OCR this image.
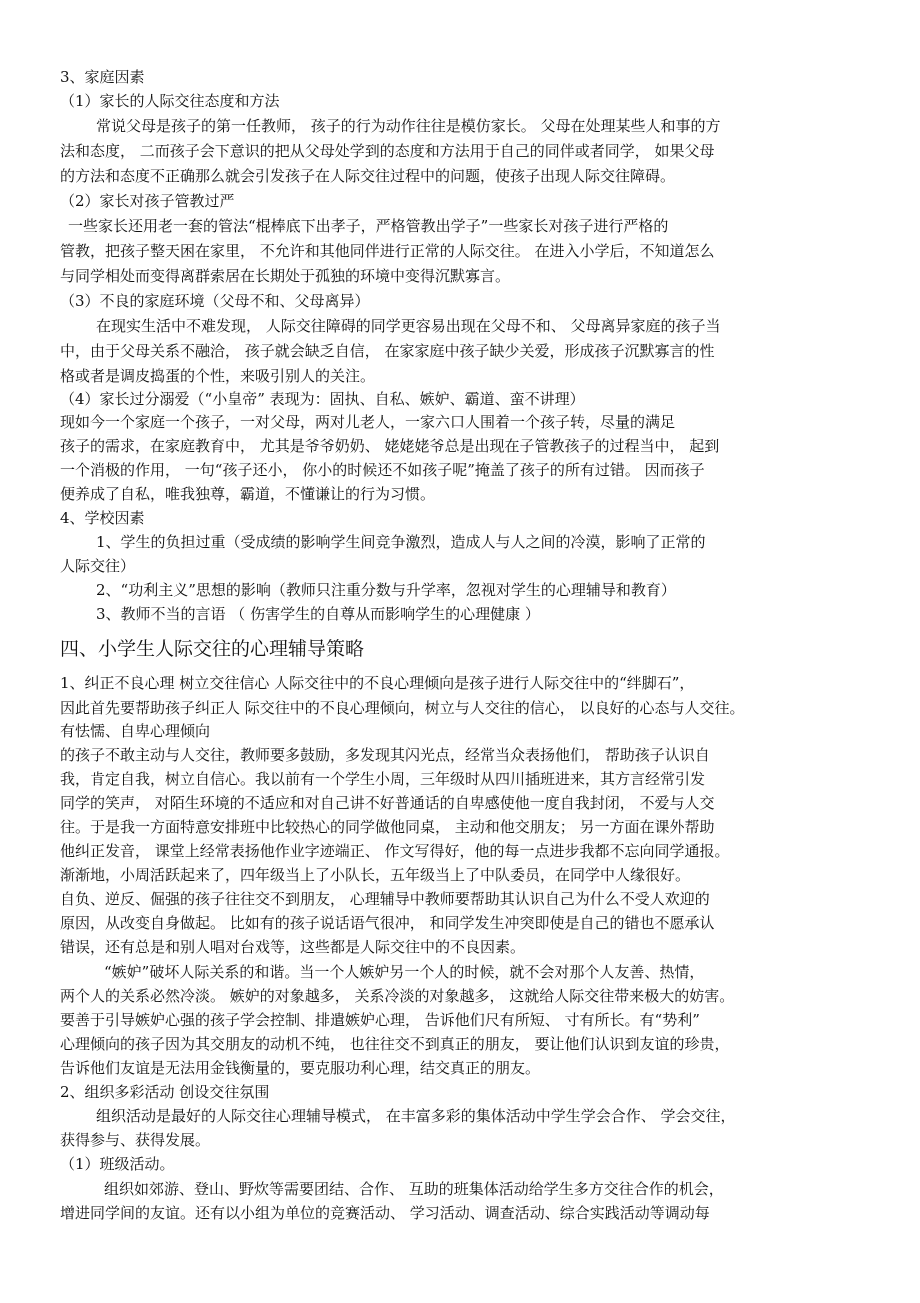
3、家庭因素
（1）家长的人际交往态度和方法
常说父母是孩子的第一任教师， 孩子的行为动作往往是模仿家长。 父母在处理某些人和事的方
法和态度， 二而孩子会下意识的把从父母处学到的态度和方法用于自己的同伴或者同学， 如果父母
的方法和态度不正确那么就会引发孩子在人际交往过程中的问题，使孩子出现人际交往障碍。
（2）家长对孩子管教过严
一些家长还用老一套的管法“棍棒底下出孝子，严格管教出学子”一些家长对孩子进行严格的
管教，把孩子整天困在家里， 不允许和其他同伴进行正常的人际交往。 在进入小学后，不知道怎么
与同学相处而变得离群索居在长期处于孤独的环境中变得沉默寡言。
（3）不良的家庭环境（父母不和、父母离异）
在现实生活中不难发现， 人际交往障碍的同学更容易出现在父母不和、 父母离异家庭的孩子当
中，由于父母关系不融洽， 孩子就会缺乏自信， 在家家庭中孩子缺少关爱，形成孩子沉默寡言的性
格或者是调皮捣蛋的个性，来吸引别人的关注。
（4）家长过分溺爱（“小皇帝” 表现为：固执、自私、嫉妒、霸道、蛮不讲理）
现如今一个家庭一个孩子，一对父母，两对儿老人，一家六口人围着一个孩子转，尽量的满足
孩子的需求，在家庭教育中， 尤其是爷爷奶奶、 姥姥姥爷总是出现在子管教孩子的过程当中， 起到
一个消极的作用， 一句“孩子还小， 你小的时候还不如孩子呢”掩盖了孩子的所有过错。 因而孩子
便养成了自私，唯我独尊，霸道，不懂谦让的行为习惯。
4、学校因素
1、学生的负担过重（受成绩的影响学生间竞争激烈，造成人与人之间的冷漠，影响了正常的
人际交往）
2、“功利主义”思想的影响（教师只注重分数与升学率，忽视对学生的心理辅导和教育）
3、教师不当的言语 （ 伤害学生的自尊从而影响学生的心理健康 ）
四、小学生人际交往的心理辅导策略
1、纠正不良心理 树立交往信心 人际交往中的不良心理倾向是孩子进行人际交往中的“绊脚石”，
因此首先要帮助孩子纠正人 际交往中的不良心理倾向，树立与人交往的信心， 以良好的心态与人交往。
有怯懦、自卑心理倾向
的孩子不敢主动与人交往，教师要多鼓励，多发现其闪光点，经常当众表扬他们， 帮助孩子认识自
我，肯定自我，树立自信心。我以前有一个学生小周，三年级时从四川插班进来，其方言经常引发
同学的笑声， 对陌生环境的不适应和对自己讲不好普通话的自卑感使他一度自我封闭， 不爱与人交
往。于是我一方面特意安排班中比较热心的同学做他同桌， 主动和他交朋友； 另一方面在课外帮助
他纠正发音， 课堂上经常表扬他作业字迹端正、 作文写得好，他的每一点进步我都不忘向同学通报。
渐渐地，小周活跃起来了，四年级当上了小队长，五年级当上了中队委员，在同学中人缘很好。
自负、逆反、倔强的孩子往往交不到朋友， 心理辅导中教师要帮助其认识自己为什么不受人欢迎的
原因，从改变自身做起。 比如有的孩子说话语气很冲， 和同学发生冲突即使是自己的错也不愿承认
错误，还有总是和别人唱对台戏等，这些都是人际交往中的不良因素。
“嫉妒”破坏人际关系的和谐。当一个人嫉妒另一个人的时候，就不会对那个人友善、热情，
两个人的关系必然冷淡。 嫉妒的对象越多， 关系冷淡的对象越多， 这就给人际交往带来极大的妨害。
要善于引导嫉妒心强的孩子学会控制、排遣嫉妒心理， 告诉他们尺有所短、 寸有所长。有“势利”
心理倾向的孩子因为其交朋友的动机不纯， 也往往交不到真正的朋友， 要让他们认识到友谊的珍贵，
告诉他们友谊是无法用金钱衡量的，要克服功利心理，结交真正的朋友。
2、组织多彩活动 创设交往氛围
组织活动是最好的人际交往心理辅导模式， 在丰富多彩的集体活动中学生学会合作、 学会交往，
获得参与、获得发展。
（1）班级活动。
组织如郊游、登山、野炊等需要团结、合作、 互助的班集体活动给学生多方交往合作的机会，
增进同学间的友谊。还有以小组为单位的竞赛活动、 学习活动、调查活动、综合实践活动等调动每
